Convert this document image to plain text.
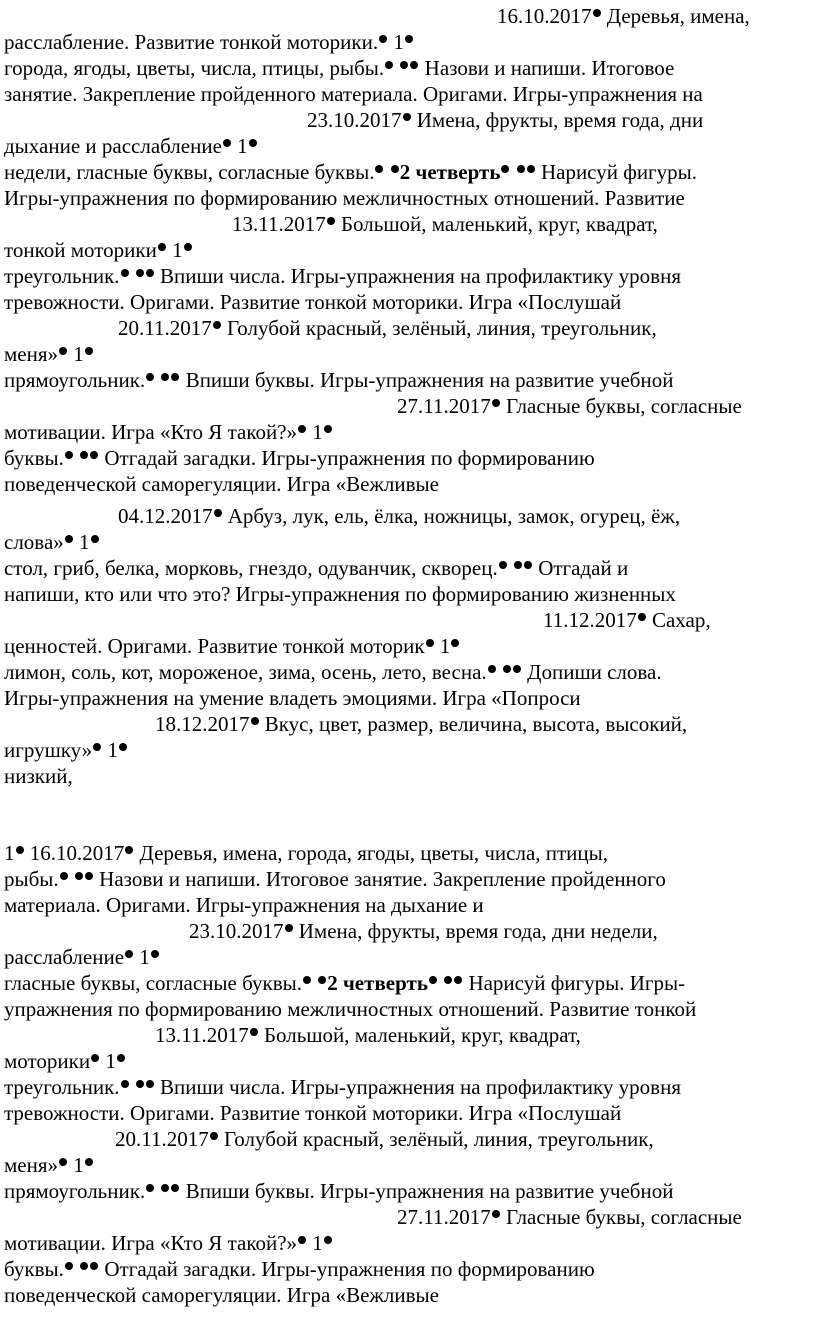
16.10.2017 Деревья, имена,
расслабление. Развитие тонкой моторики. 1
города, ягоды, цветы, числа, птицы, рыбы.  Назови и напиши. Итоговое
занятие. Закрепление пройденного материала. Оригами. Игры-упражнения на
23.10.2017 Имена, фрукты, время года, дни
дыхание и расслабление 1
недели, гласные буквы, согласные буквы. 2 четверть  Нарисуй фигуры.
Игры-упражнения по формированию межличностных отношений. Развитие
13.11.2017 Большой, маленький, круг, квадрат,
тонкой моторики 1
треугольник.  Впиши числа. Игры-упражнения на профилактику уровня
тревожности. Оригами. Развитие тонкой моторики. Игра «Послушай
20.11.2017 Голубой красный, зелёный, линия, треугольник,
меня» 1
прямоугольник.  Впиши буквы. Игры-упражнения на развитие учебной
27.11.2017 Гласные буквы, согласные
мотивации. Игра «Кто Я такой?» 1
буквы.  Отгадай загадки. Игры-упражнения по формированию
поведенческой саморегуляции. Игра «Вежливые
04.12.2017 Арбуз, лук, ель, ёлка, ножницы, замок, огурец, ёж,
слова» 1
стол, гриб, белка, морковь, гнездо, одуванчик, скворец.  Отгадай и
напиши, кто или что это? Игры-упражнения по формированию жизненных
11.12.2017 Сахар,
ценностей. Оригами. Развитие тонкой моторик 1
лимон, соль, кот, мороженое, зима, осень, лето, весна.  Допиши слова.
Игры-упражнения на умение владеть эмоциями. Игра «Попроси
18.12.2017 Вкус, цвет, размер, величина, высота, высокий,
игрушку» 1
низкий,
1 16.10.2017 Деревья, имена, города, ягоды, цветы, числа, птицы,
рыбы.  Назови и напиши. Итоговое занятие. Закрепление пройденного
материала. Оригами. Игры-упражнения на дыхание и
23.10.2017 Имена, фрукты, время года, дни недели,
расслабление 1
гласные буквы, согласные буквы. 2 четверть  Нарисуй фигуры. Игры-
упражнения по формированию межличностных отношений. Развитие тонкой
13.11.2017 Большой, маленький, круг, квадрат,
моторики 1
треугольник.  Впиши числа. Игры-упражнения на профилактику уровня
тревожности. Оригами. Развитие тонкой моторики. Игра «Послушай
20.11.2017 Голубой красный, зелёный, линия, треугольник,
меня» 1
прямоугольник.  Впиши буквы. Игры-упражнения на развитие учебной
27.11.2017 Гласные буквы, согласные
мотивации. Игра «Кто Я такой?» 1
буквы.  Отгадай загадки. Игры-упражнения по формированию
поведенческой саморегуляции. Игра «Вежливые
